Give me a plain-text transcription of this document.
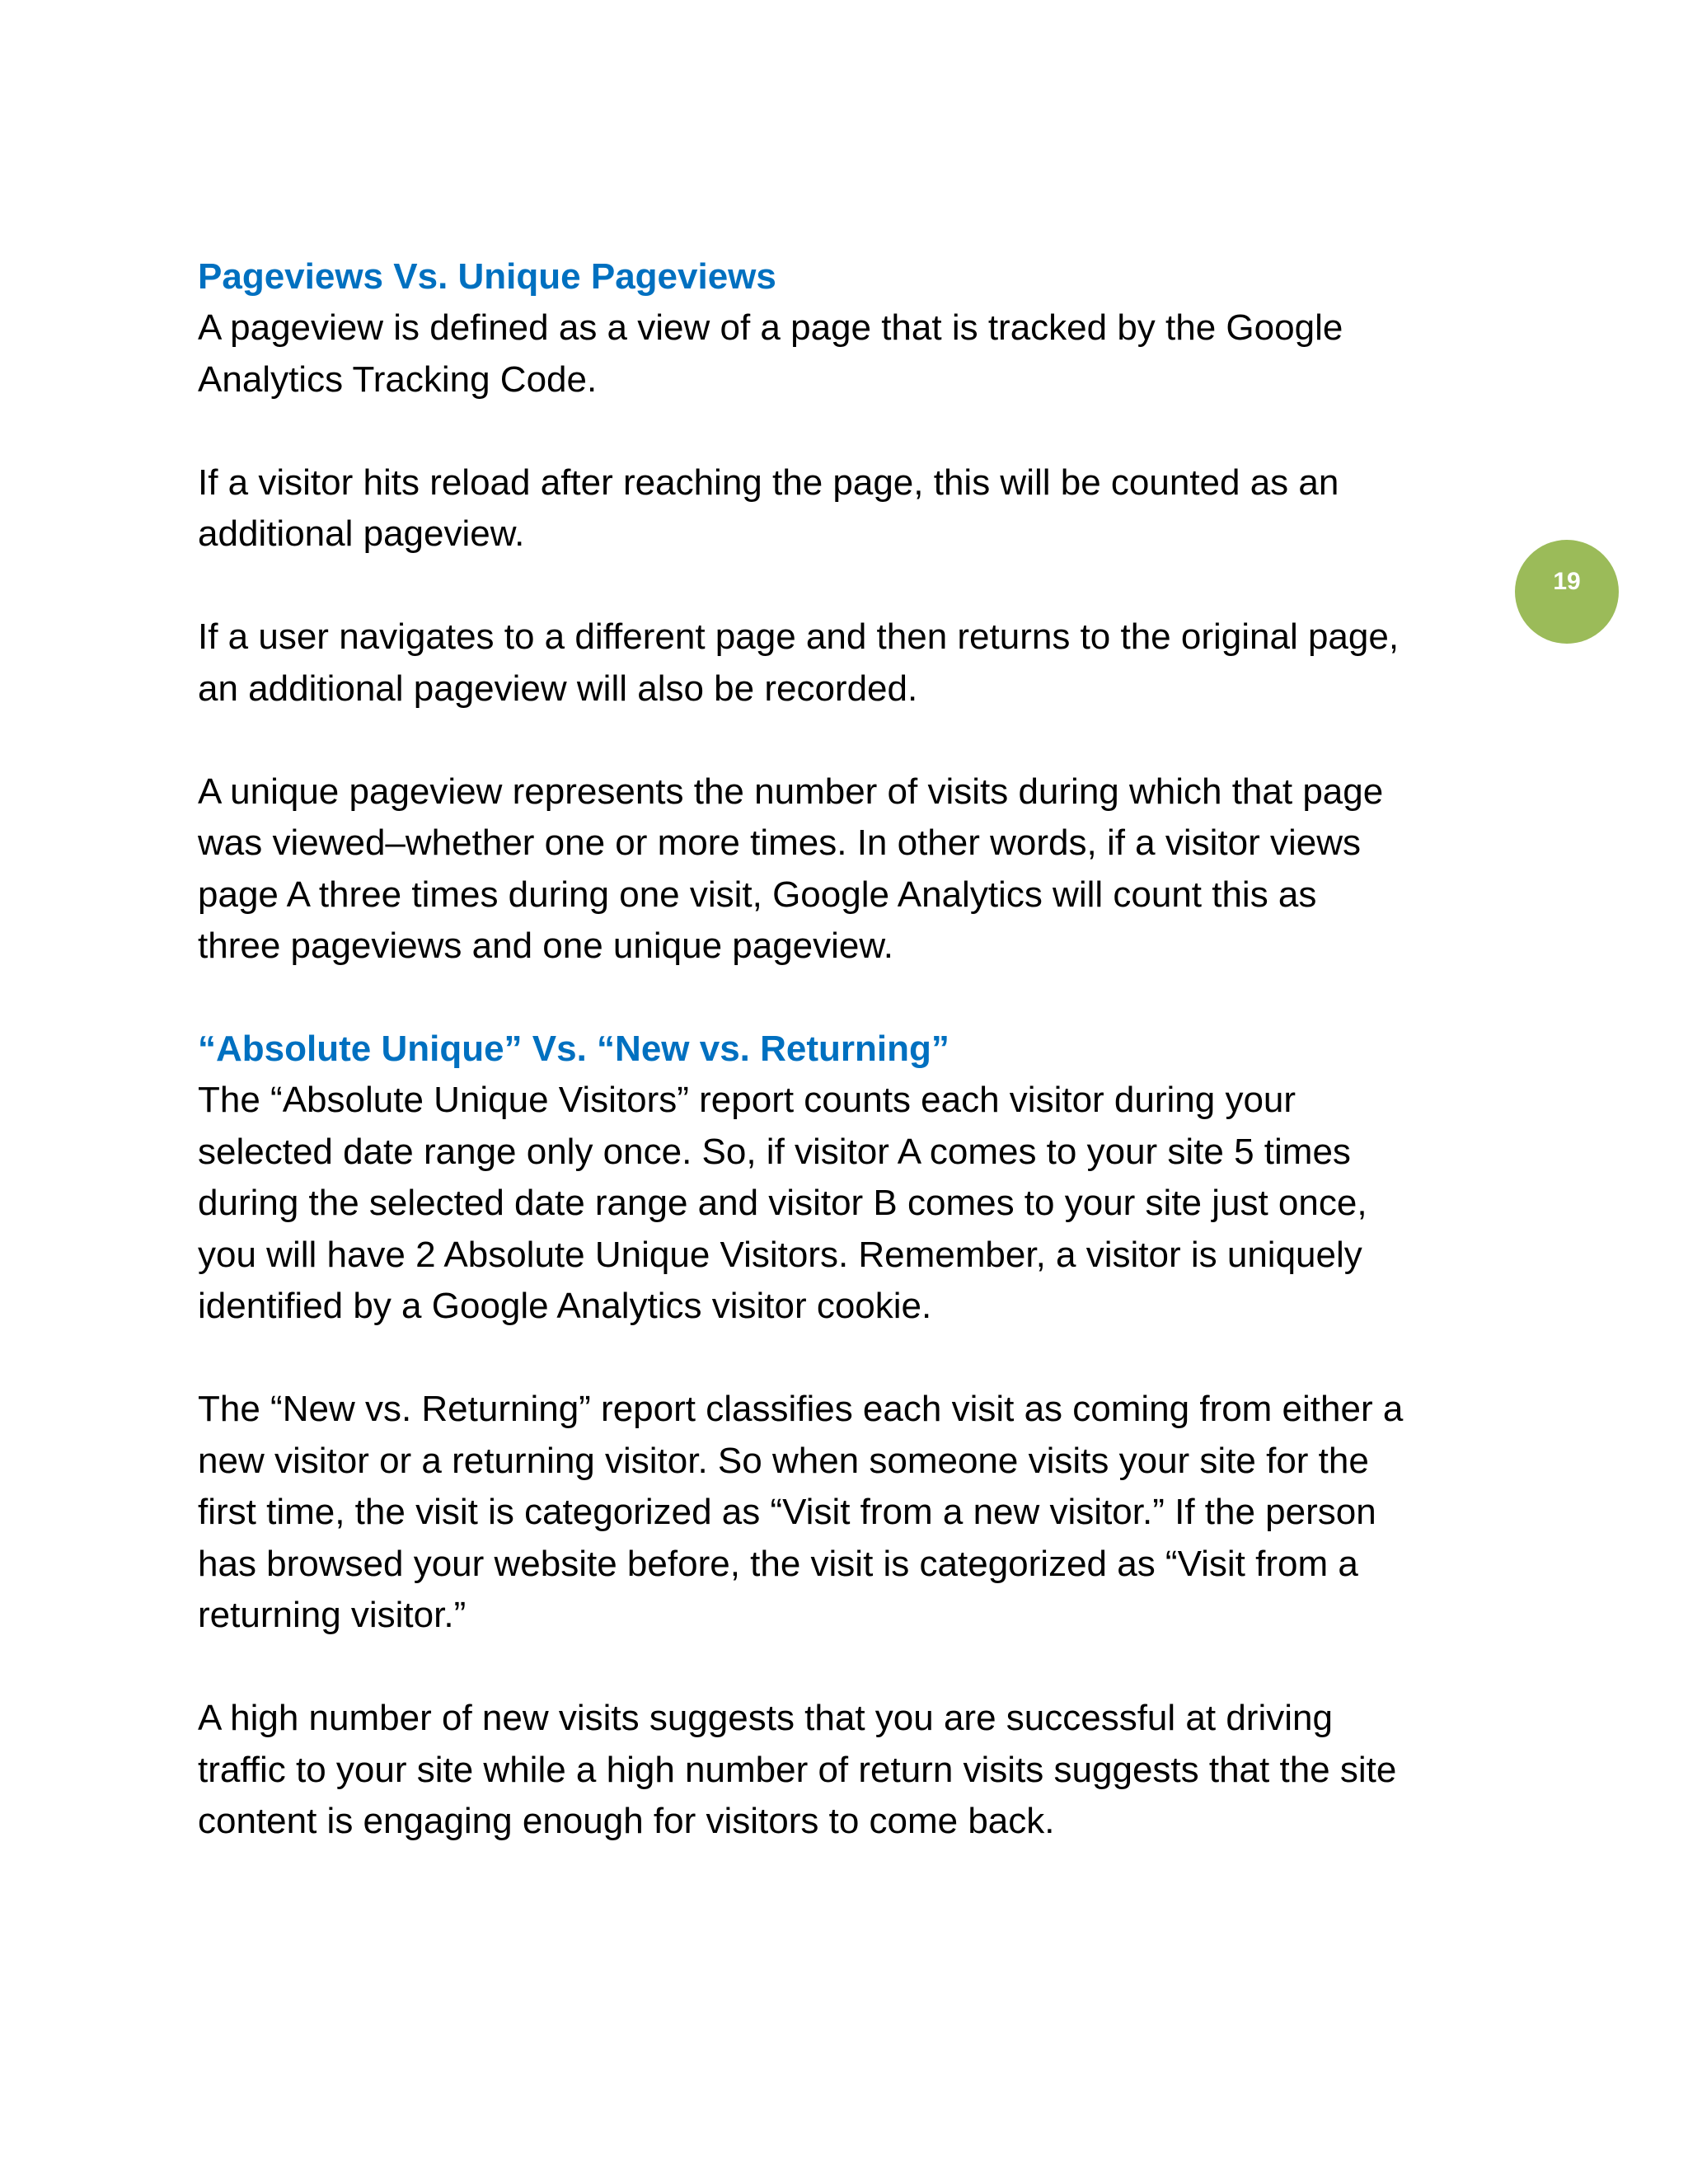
Pageviews Vs. Unique Pageviews

A pageview is defined as a view of a page that is tracked by the Google
Analytics Tracking Code.

If a visitor hits reload after reaching the page, this will be counted as an
additional pageview.

If a user navigates to a different page and then returns to the original page,
an additional pageview will also be recorded.

A unique pageview represents the number of visits during which that page
was viewed–whether one or more times. In other words, if a visitor views
page A three times during one visit, Google Analytics will count this as
three pageviews and one unique pageview.

“Absolute Unique” Vs. “New vs. Returning”

The “Absolute Unique Visitors” report counts each visitor during your
selected date range only once. So, if visitor A comes to your site 5 times
during the selected date range and visitor B comes to your site just once,
you will have 2 Absolute Unique Visitors. Remember, a visitor is uniquely
identified by a Google Analytics visitor cookie.

The “New vs. Returning” report classifies each visit as coming from either a
new visitor or a returning visitor. So when someone visits your site for the
first time, the visit is categorized as “Visit from a new visitor.” If the person
has browsed your website before, the visit is categorized as “Visit from a
returning visitor.”

A high number of new visits suggests that you are successful at driving
traffic to your site while a high number of return visits suggests that the site
content is engaging enough for visitors to come back.

19
